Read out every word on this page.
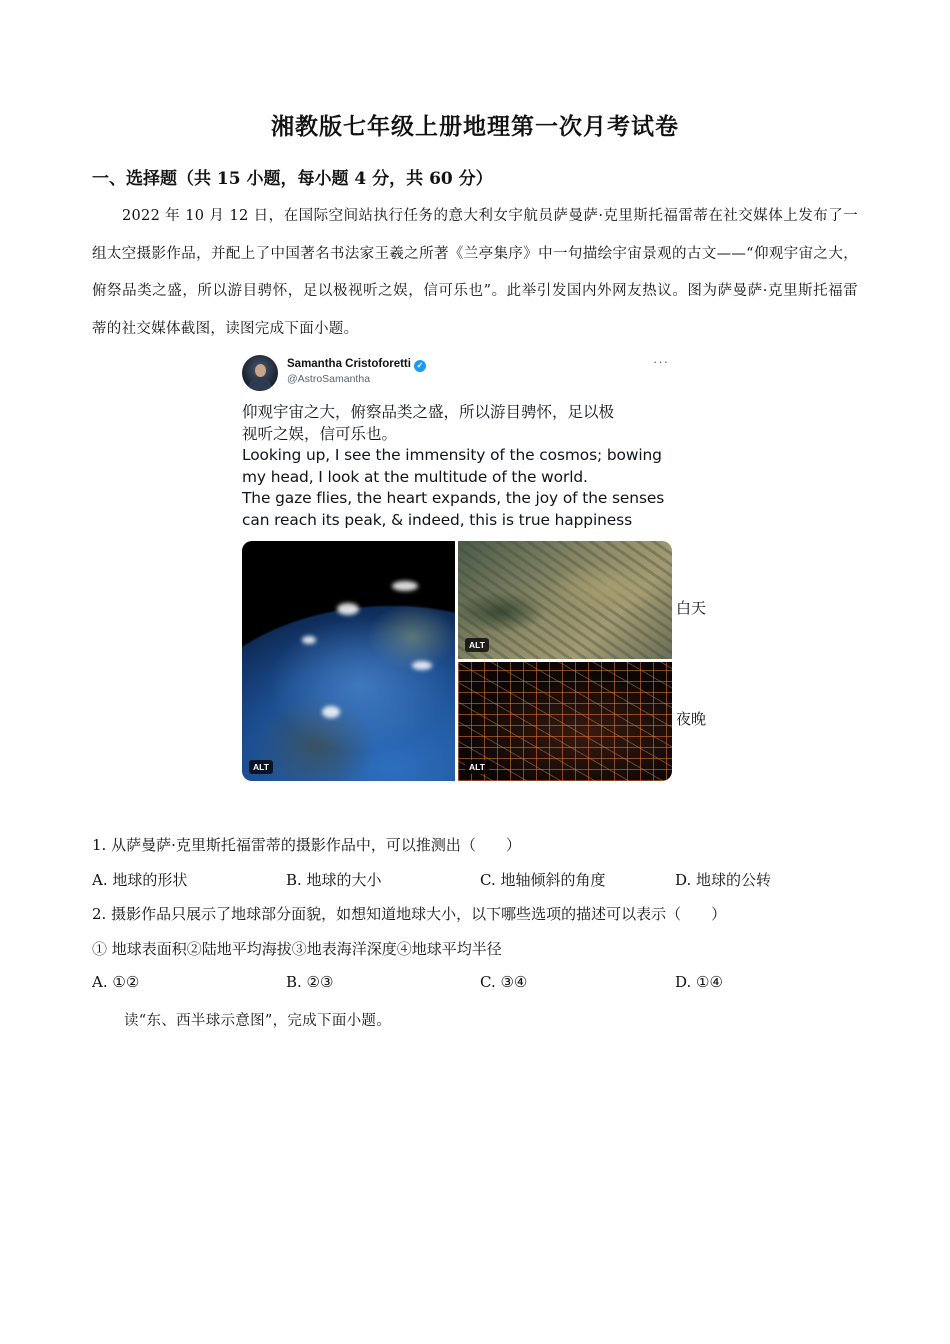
湘教版七年级上册地理第一次月考试卷
一、选择题（共 15 小题，每小题 4 分，共 60 分）
2022 年 10 月 12 日，在国际空间站执行任务的意大利女宇航员萨曼萨·克里斯托福雷蒂在社交媒体上发布了一组太空摄影作品，并配上了中国著名书法家王羲之所著《兰亭集序》中一句描绘宇宙景观的古文——“仰观宇宙之大，俯祭品类之盛，所以游目骋怀，足以极视听之娱，信可乐也”。此举引发国内外网友热议。图为萨曼萨·克里斯托福雷蒂的社交媒体截图，读图完成下面小题。
Samantha Cristoforetti ✓
@AstroSamantha
···
仰观宇宙之大，俯察品类之盛，所以游目骋怀，足以极
视听之娱，信可乐也。
Looking up, I see the immensity of the cosmos; bowing
my head, I look at the multitude of the world.
The gaze flies, the heart expands, the joy of the senses
can reach its peak, & indeed, this is true happiness
ALT
ALT
ALT
白天
夜晚
1. 从萨曼萨·克里斯托福雷蒂的摄影作品中，可以推测出（　　）
A. 地球的形状	B. 地球的大小	C. 地轴倾斜的角度	D. 地球的公转
2. 摄影作品只展示了地球部分面貌，如想知道地球大小，以下哪些选项的描述可以表示（　　）
① 地球表面积②陆地平均海拔③地表海洋深度④地球平均半径
A. ①②	B. ②③	C. ③④	D. ①④
读“东、西半球示意图”，完成下面小题。
